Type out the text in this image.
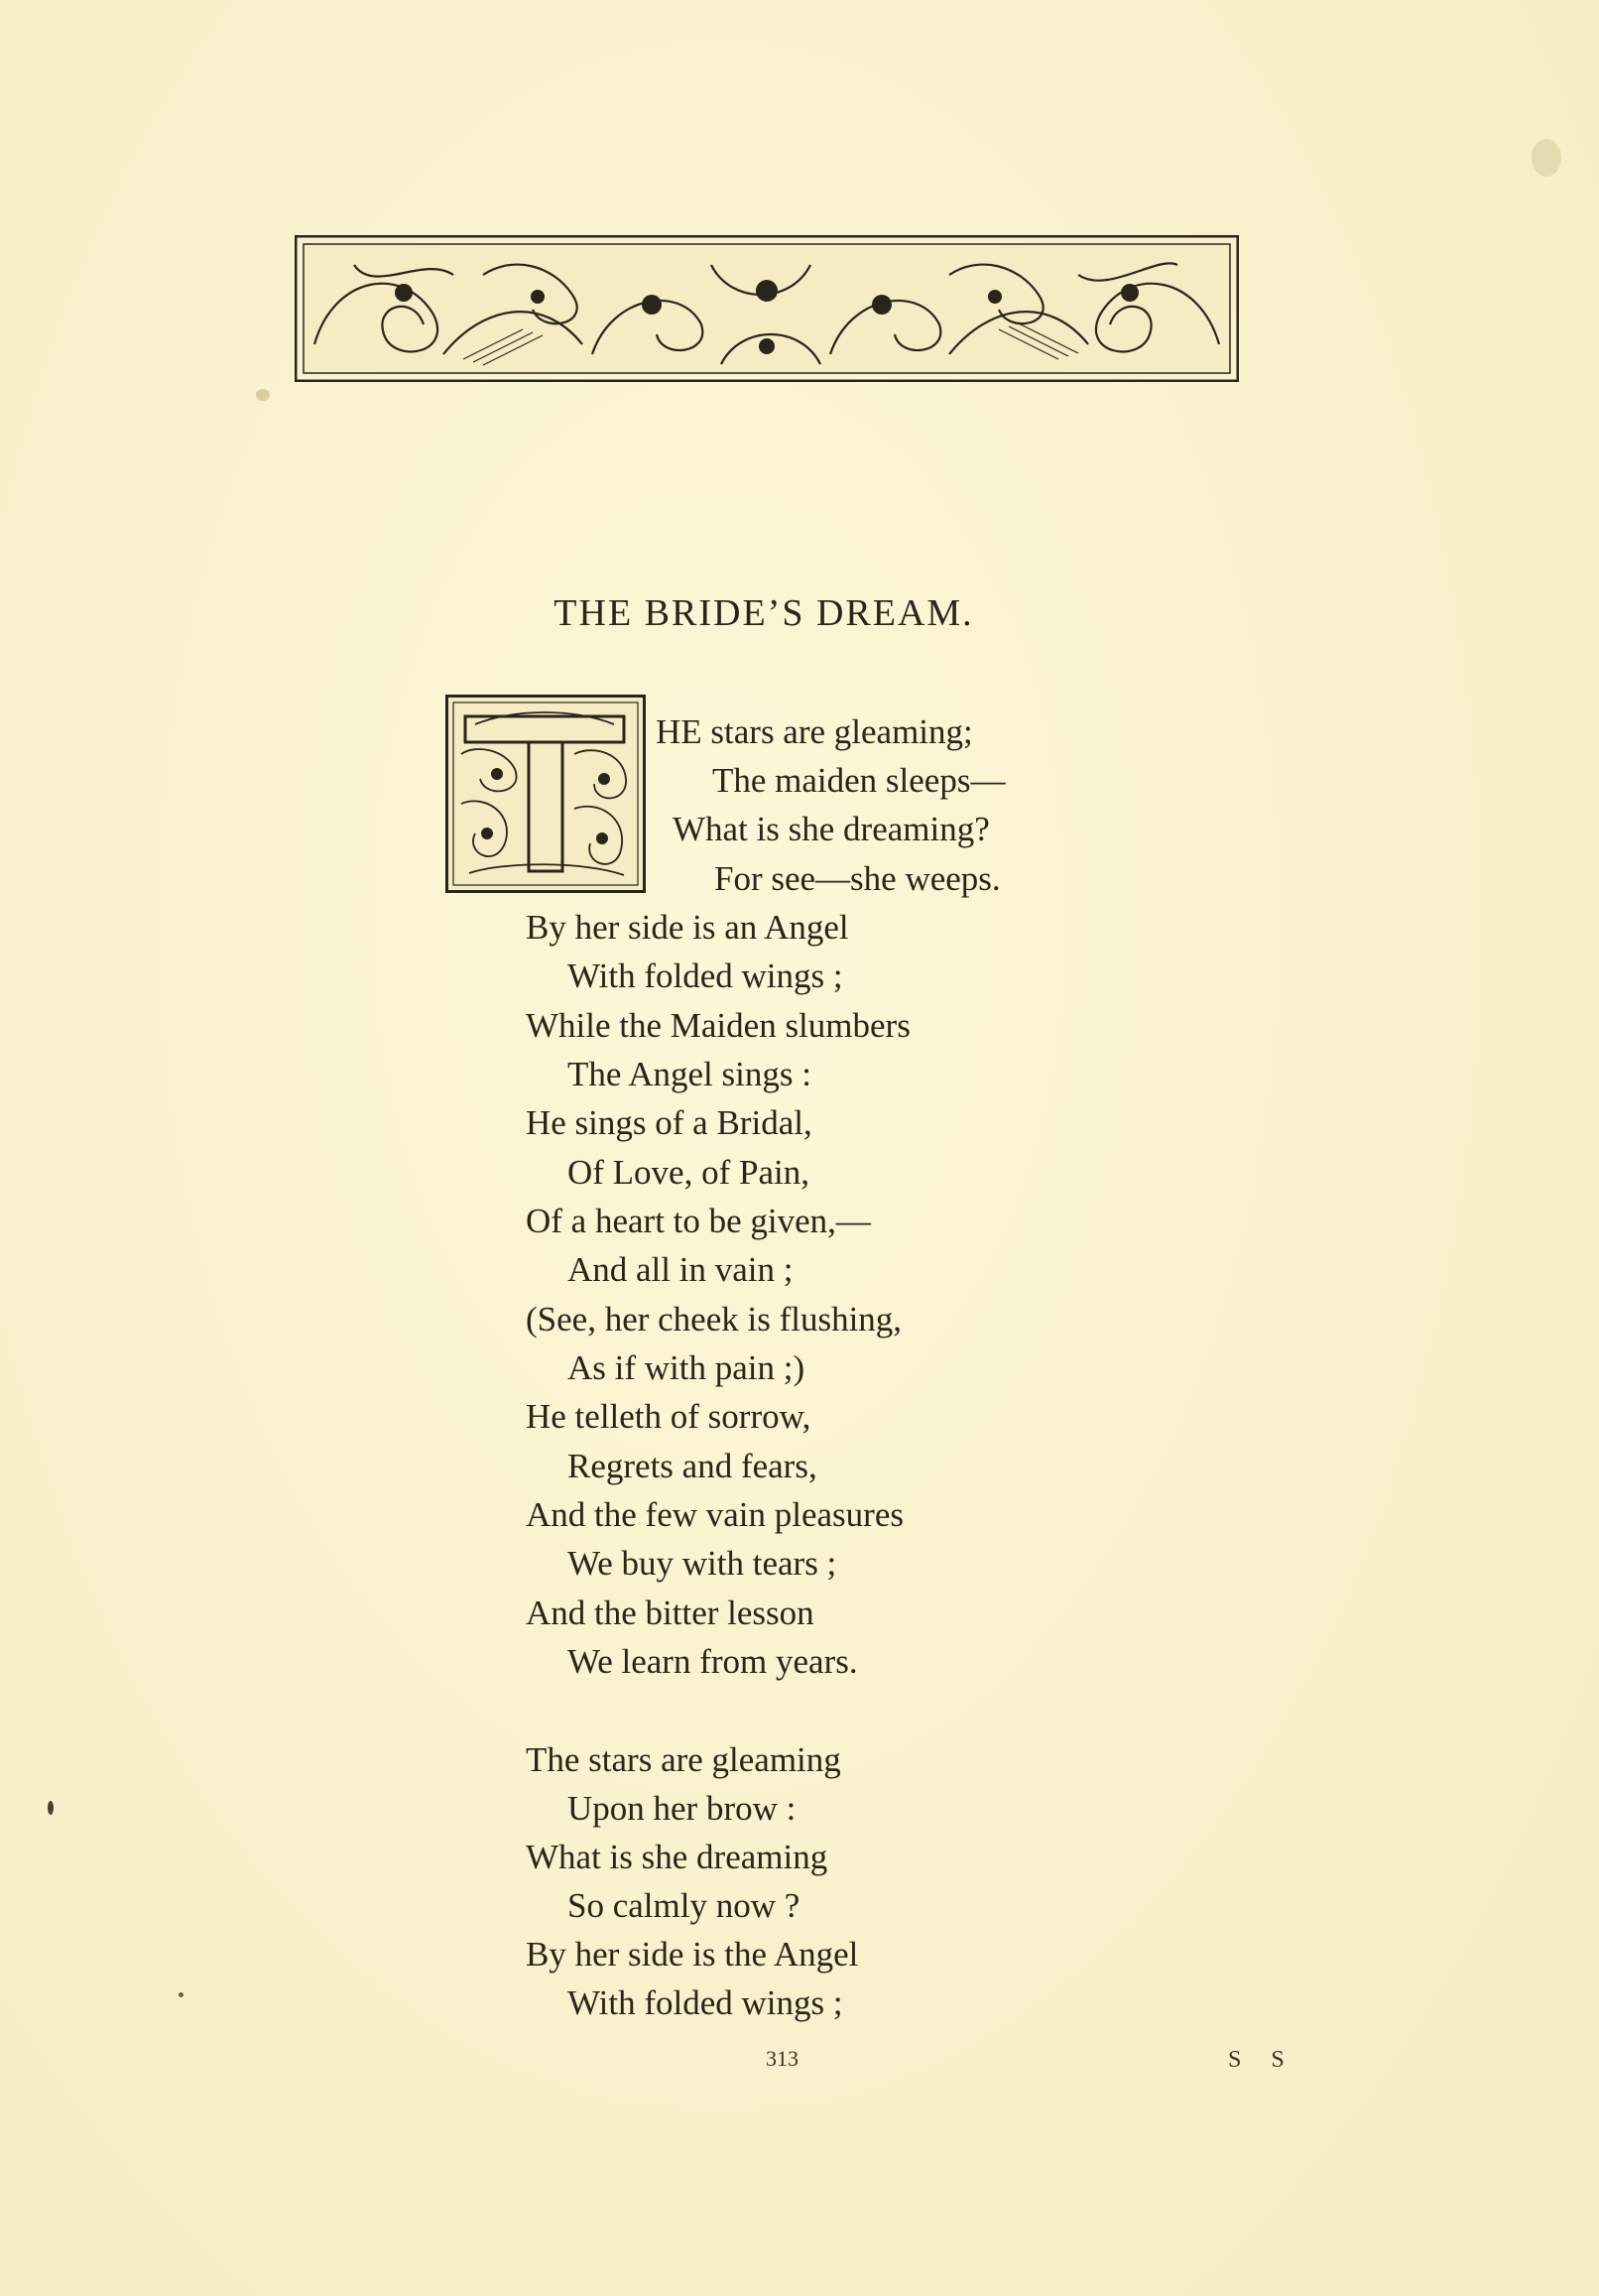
THE BRIDE’S DREAM.
HE stars are gleaming;
The maiden sleeps—
What is she dreaming?
For see—she weeps.
By her side is an Angel
With folded wings ;
While the Maiden slumbers
The Angel sings :
He sings of a Bridal,
Of Love, of Pain,
Of a heart to be given,—
And all in vain ;
(See, her cheek is flushing,
As if with pain ;)
He telleth of sorrow,
Regrets and fears,
And the few vain pleasures
We buy with tears ;
And the bitter lesson
We learn from years.
The stars are gleaming
Upon her brow :
What is she dreaming
So calmly now ?
By her side is the Angel
With folded wings ;
313	S S
